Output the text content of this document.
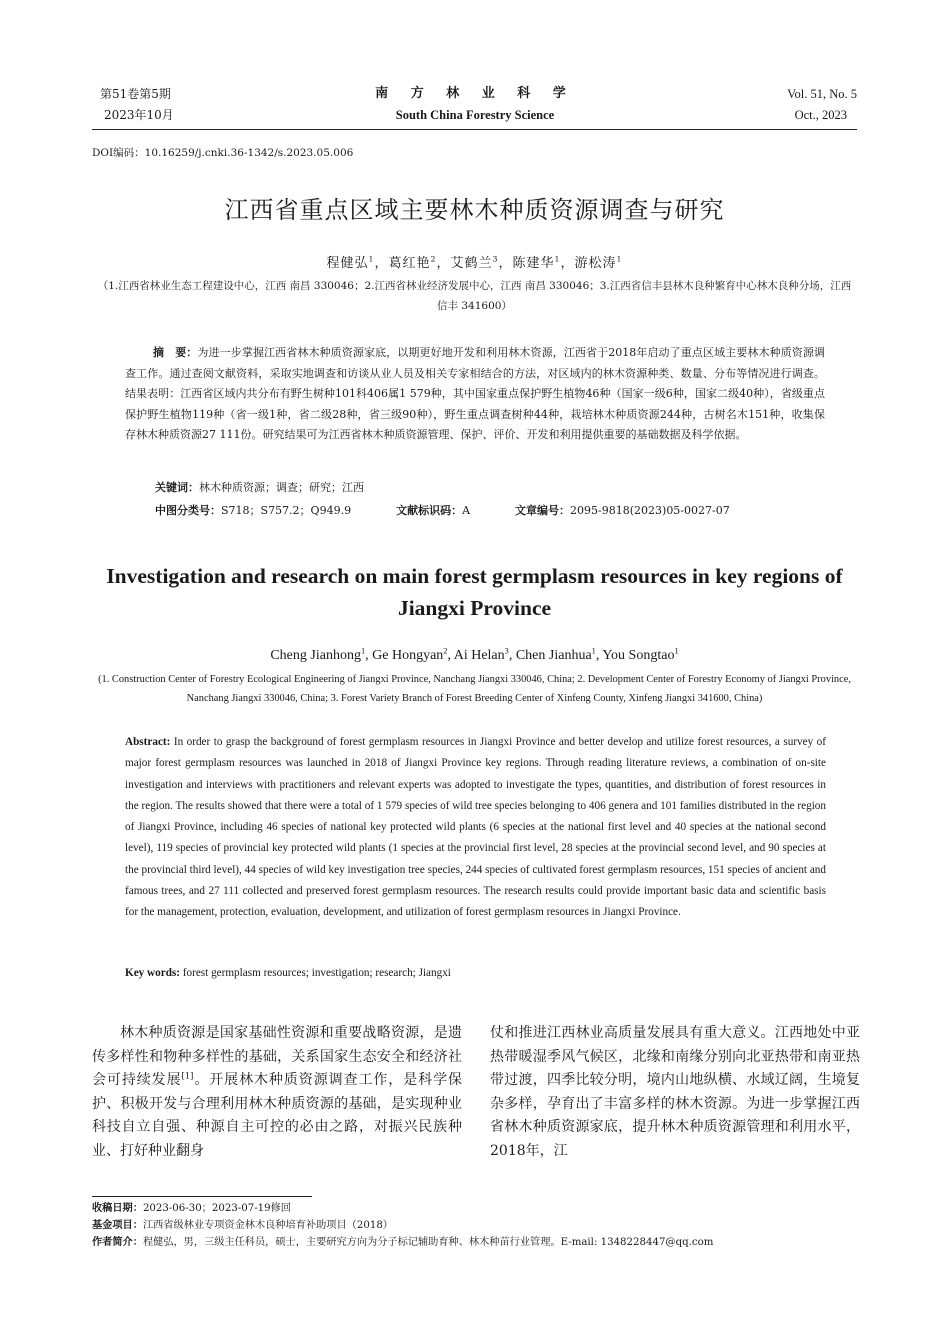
第51卷第5期
2023年10月
南 方 林 业 科 学
South China Forestry Science
Vol. 51, No. 5
Oct., 2023
DOI编码：10.16259/j.cnki.36-1342/s.2023.05.006
江西省重点区域主要林木种质资源调查与研究
程健弘$^1$，葛红艳$^2$，艾鹤兰$^3$，陈建华$^1$，游松涛$^1$
（1.江西省林业生态工程建设中心，江西 南昌 330046；2.江西省林业经济发展中心，江西 南昌 330046；3.江西省信丰县林木良种繁育中心林木良种分场，江西 信丰 341600）
摘　要：为进一步掌握江西省林木种质资源家底，以期更好地开发和利用林木资源，江西省于2018年启动了重点区域主要林木种质资源调查工作。通过查阅文献资料，采取实地调查和访谈从业人员及相关专家相结合的方法，对区域内的林木资源种类、数量、分布等情况进行调查。结果表明：江西省区域内共分布有野生树种101科406属1 579种，其中国家重点保护野生植物46种（国家一级6种，国家二级40种），省级重点保护野生植物119种（省一级1种，省二级28种，省三级90种），野生重点调查树种44种，栽培林木种质资源244种，古树名木151种，收集保存林木种质资源27 111份。研究结果可为江西省林木种质资源管理、保护、评价、开发和利用提供重要的基础数据及科学依据。
关键词：林木种质资源；调查；研究；江西
中图分类号：S718；S757.2；Q949.9	文献标识码：A	文章编号：2095-9818(2023)05-0027-07
Investigation and research on main forest germplasm resources in key regions of Jiangxi Province
Cheng Jianhong$^1$, Ge Hongyan$^2$, Ai Helan$^3$, Chen Jianhua$^1$, You Songtao$^1$
(1. Construction Center of Forestry Ecological Engineering of Jiangxi Province, Nanchang Jiangxi 330046, China; 2. Development Center of Forestry Economy of Jiangxi Province, Nanchang Jiangxi 330046, China; 3. Forest Variety Branch of Forest Breeding Center of Xinfeng County, Xinfeng Jiangxi 341600, China)
Abstract: In order to grasp the background of forest germplasm resources in Jiangxi Province and better develop and utilize forest resources, a survey of major forest germplasm resources was launched in 2018 of Jiangxi Province key regions. Through reading literature reviews, a combination of on-site investigation and interviews with practitioners and relevant experts was adopted to investigate the types, quantities, and distribution of forest resources in the region. The results showed that there were a total of 1 579 species of wild tree species belonging to 406 genera and 101 families distributed in the region of Jiangxi Province, including 46 species of national key protected wild plants (6 species at the national first level and 40 species at the national second level), 119 species of provincial key protected wild plants (1 species at the provincial first level, 28 species at the provincial second level, and 90 species at the provincial third level), 44 species of wild key investigation tree species, 244 species of cultivated forest germplasm resources, 151 species of ancient and famous trees, and 27 111 collected and preserved forest germplasm resources. The research results could provide important basic data and scientific basis for the management, protection, evaluation, development, and utilization of forest germplasm resources in Jiangxi Province.
Key words: forest germplasm resources; investigation; research; Jiangxi
林木种质资源是国家基础性资源和重要战略资源，是遗传多样性和物种多样性的基础，关系国家生态安全和经济社会可持续发展[1]。开展林木种质资源调查工作，是科学保护、积极开发与合理利用林木种质资源的基础，是实现种业科技自立自强、种源自主可控的必由之路，对振兴民族种业、打好种业翻身
仗和推进江西林业高质量发展具有重大意义。江西地处中亚热带暖湿季风气候区，北缘和南缘分别向北亚热带和南亚热带过渡，四季比较分明，境内山地纵横、水域辽阔，生境复杂多样，孕育出了丰富多样的林木资源。为进一步掌握江西省林木种质资源家底，提升林木种质资源管理和利用水平，2018年，江
收稿日期：2023-06-30；2023-07-19修回
基金项目：江西省级林业专项资金林木良种培育补助项目（2018）
作者简介：程健弘，男，三级主任科员，硕士，主要研究方向为分子标记辅助育种、林木种苗行业管理。E-mail: 1348228447@qq.com
